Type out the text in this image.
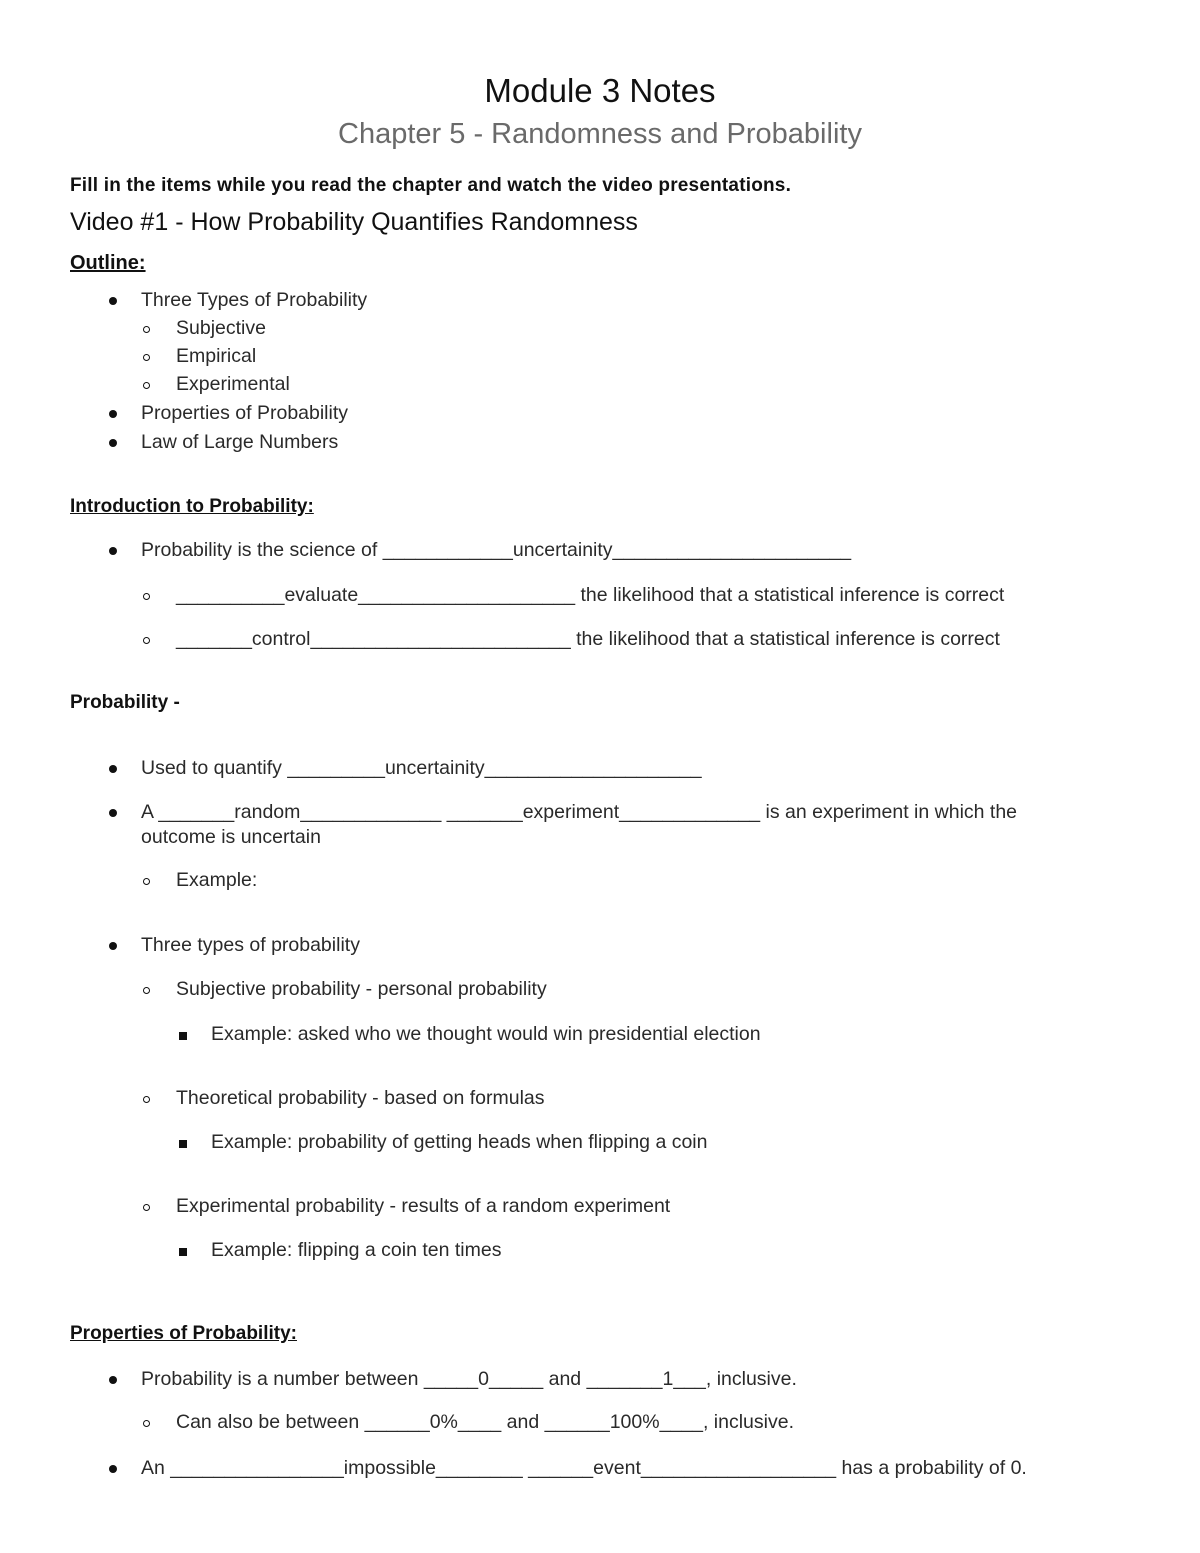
Module 3 Notes
Chapter 5 - Randomness and Probability
Fill in the items while you read the chapter and watch the video presentations.
Video #1 - How Probability Quantifies Randomness
Outline:
Three Types of Probability
Subjective
Empirical
Experimental
Properties of Probability
Law of Large Numbers
Introduction to Probability:
Probability is the science of ____________uncertainity______________________
__________evaluate____________________ the likelihood that a statistical inference is correct
_______control________________________ the likelihood that a statistical inference is correct
Probability -
Used to quantify _________uncertainity____________________
A _______random_____________ _______experiment_____________ is an experiment in which the
outcome is uncertain
Example:
Three types of probability
Subjective probability - personal probability
Example: asked who we thought would win presidential election
Theoretical probability - based on formulas
Example: probability of getting heads when flipping a coin
Experimental probability - results of a random experiment
Example: flipping a coin ten times
Properties of Probability:
Probability is a number between _____0_____ and _______1___, inclusive.
Can also be between ______0%____ and ______100%____, inclusive.
An ________________impossible________ ______event__________________ has a probability of 0.
